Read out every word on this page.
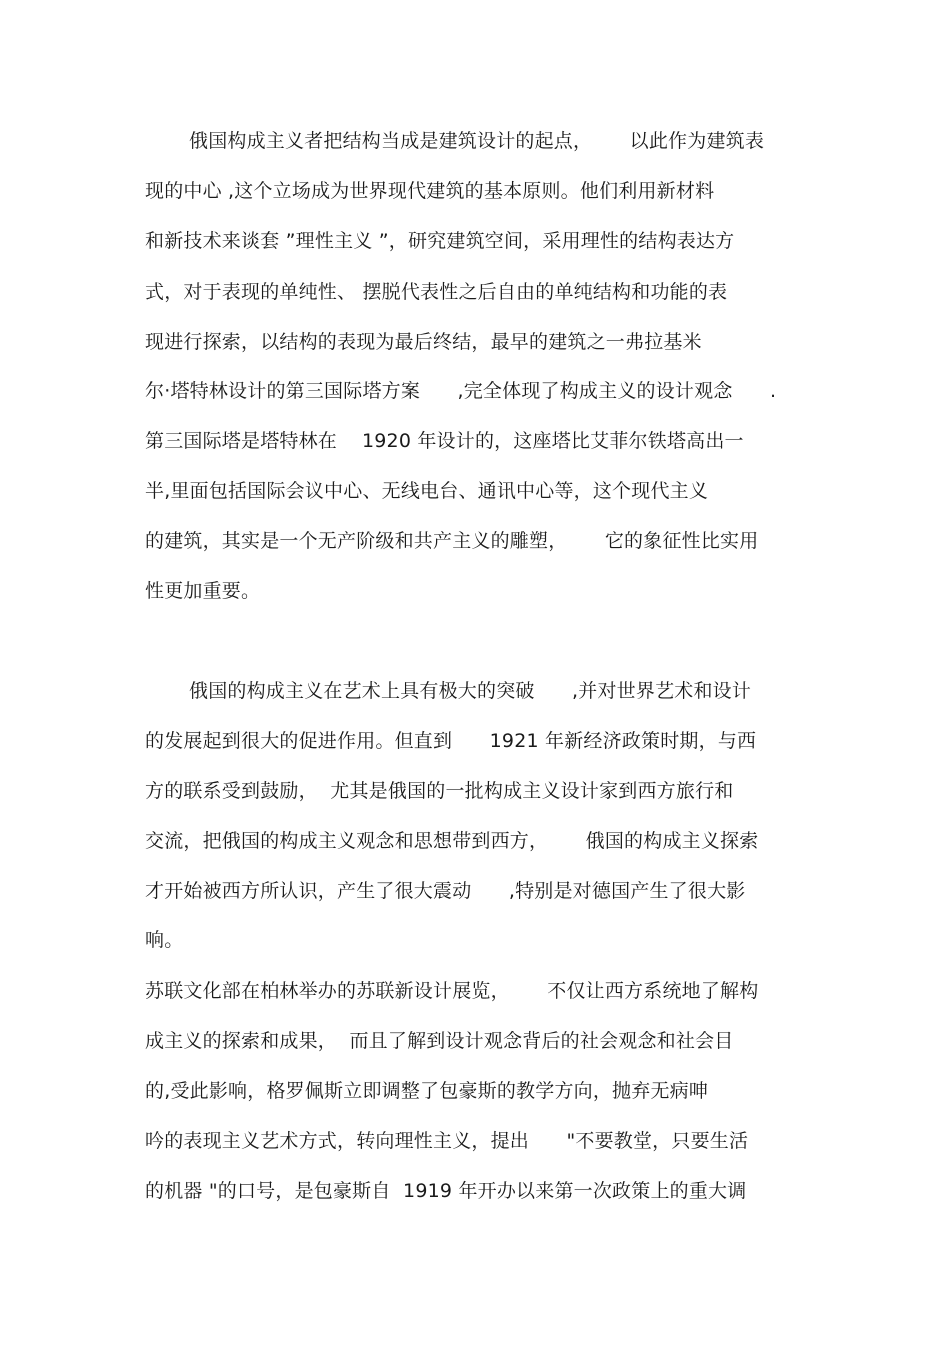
俄国构成主义者把结构当成是建筑设计的起点，      以此作为建筑表
现的中心 ,这个立场成为世界现代建筑的基本原则。他们利用新材料
和新技术来谈套 ”理性主义 ”，研究建筑空间，采用理性的结构表达方
式，对于表现的单纯性、 摆脱代表性之后自由的单纯结构和功能的表
现进行探索，以结构的表现为最后终结，最早的建筑之一弗拉基米
尔·塔特林设计的第三国际塔方案      ,完全体现了构成主义的设计观念      .
第三国际塔是塔特林在    1920 年设计的，这座塔比艾菲尔铁塔高出一
半,里面包括国际会议中心、无线电台、通讯中心等，这个现代主义
的建筑，其实是一个无产阶级和共产主义的雕塑，      它的象征性比实用
性更加重要。
俄国的构成主义在艺术上具有极大的突破      ,并对世界艺术和设计
的发展起到很大的促进作用。但直到      1921 年新经济政策时期，与西
方的联系受到鼓励，  尤其是俄国的一批构成主义设计家到西方旅行和
交流，把俄国的构成主义观念和思想带到西方，      俄国的构成主义探索
才开始被西方所认识，产生了很大震动      ,特别是对德国产生了很大影
响。
苏联文化部在柏林举办的苏联新设计展览，      不仅让西方系统地了解构
成主义的探索和成果，  而且了解到设计观念背后的社会观念和社会目
的,受此影响，格罗佩斯立即调整了包豪斯的教学方向，抛弃无病呻
吟的表现主义艺术方式，转向理性主义，提出      "不要教堂，只要生活
的机器 "的口号，是包豪斯自  1919 年开办以来第一次政策上的重大调
